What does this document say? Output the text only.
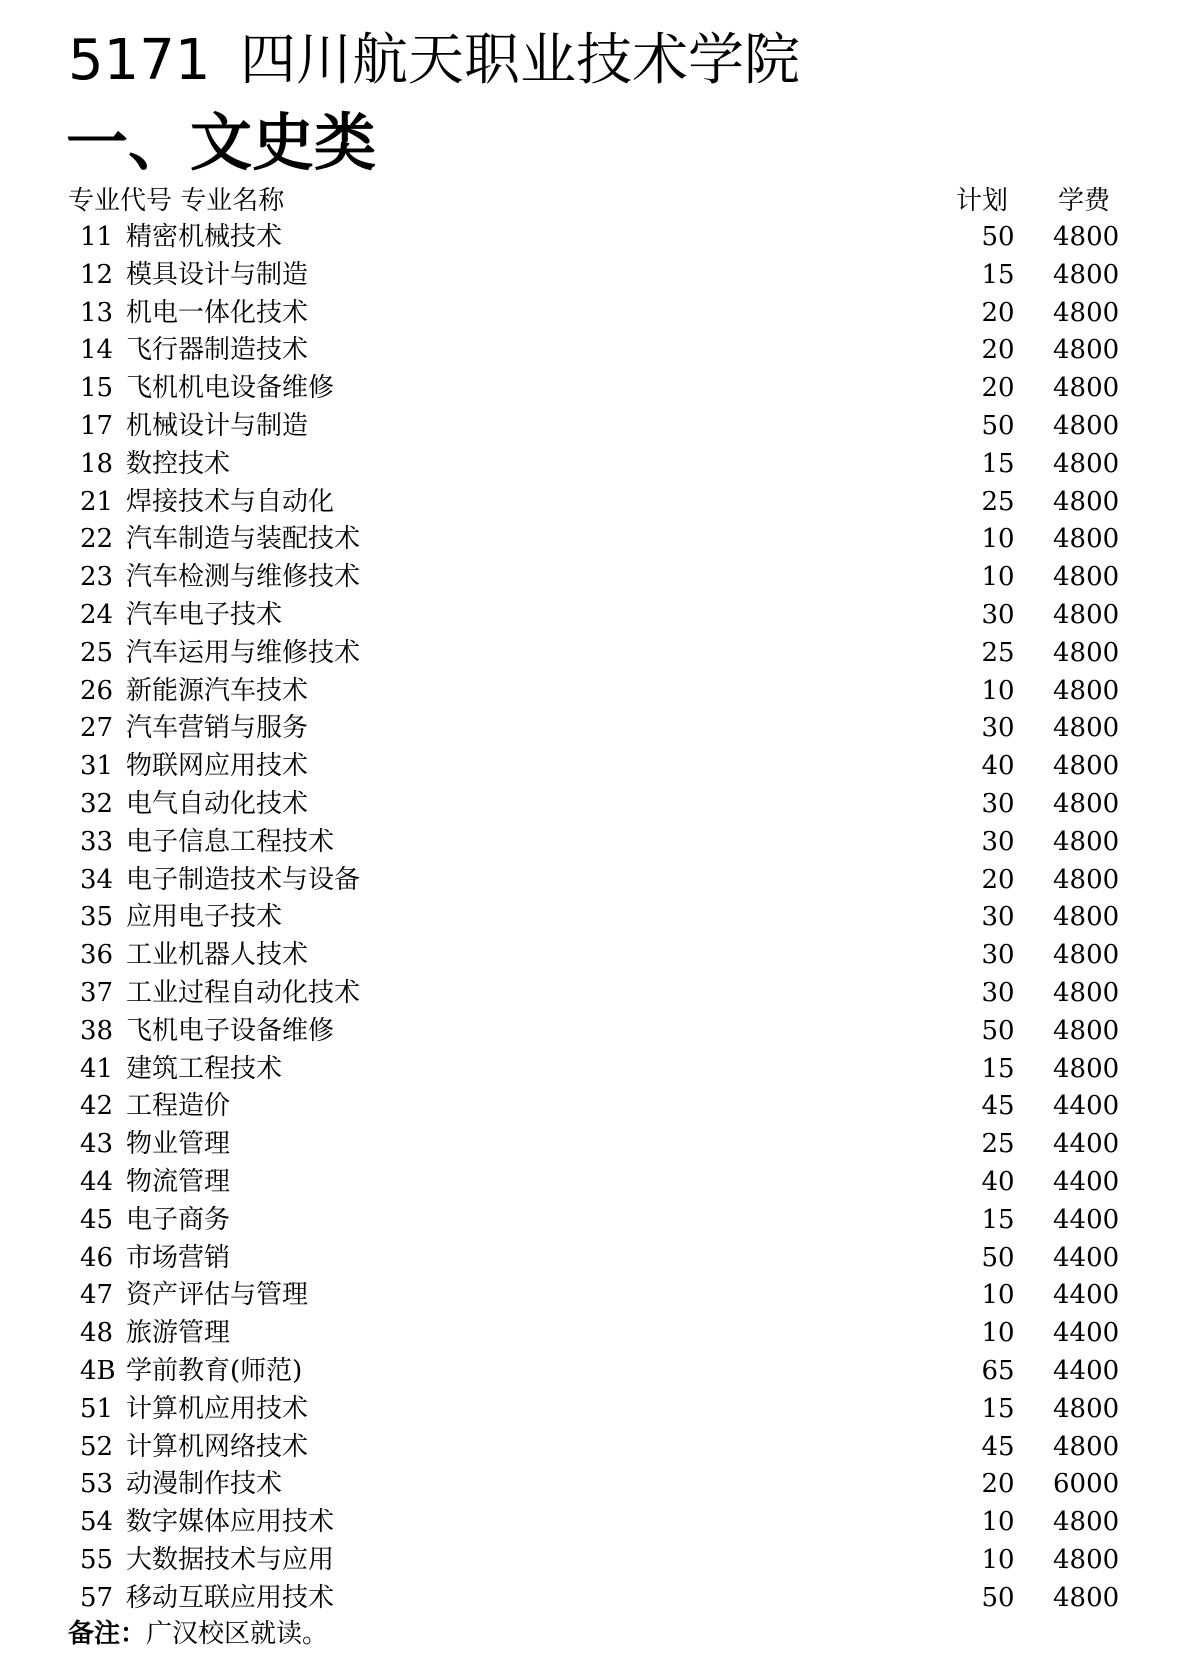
5171 四川航天职业技术学院
一、文史类
专业代号 专业名称	计划 学费
11 精密机械技术	50	4800
12 模具设计与制造	15	4800
13 机电一体化技术	20	4800
14 飞行器制造技术	20	4800
15 飞机机电设备维修	20	4800
17 机械设计与制造	50	4800
18 数控技术	15	4800
21 焊接技术与自动化	25	4800
22 汽车制造与装配技术	10	4800
23 汽车检测与维修技术	10	4800
24 汽车电子技术	30	4800
25 汽车运用与维修技术	25	4800
26 新能源汽车技术	10	4800
27 汽车营销与服务	30	4800
31 物联网应用技术	40	4800
32 电气自动化技术	30	4800
33 电子信息工程技术	30	4800
34 电子制造技术与设备	20	4800
35 应用电子技术	30	4800
36 工业机器人技术	30	4800
37 工业过程自动化技术	30	4800
38 飞机电子设备维修	50	4800
41 建筑工程技术	15	4800
42 工程造价	45	4400
43 物业管理	25	4400
44 物流管理	40	4400
45 电子商务	15	4400
46 市场营销	50	4400
47 资产评估与管理	10	4400
48 旅游管理	10	4400
4B 学前教育(师范)	65	4400
51 计算机应用技术	15	4800
52 计算机网络技术	45	4800
53 动漫制作技术	20	6000
54 数字媒体应用技术	10	4800
55 大数据技术与应用	10	4800
57 移动互联应用技术	50	4800
备注：广汉校区就读。
